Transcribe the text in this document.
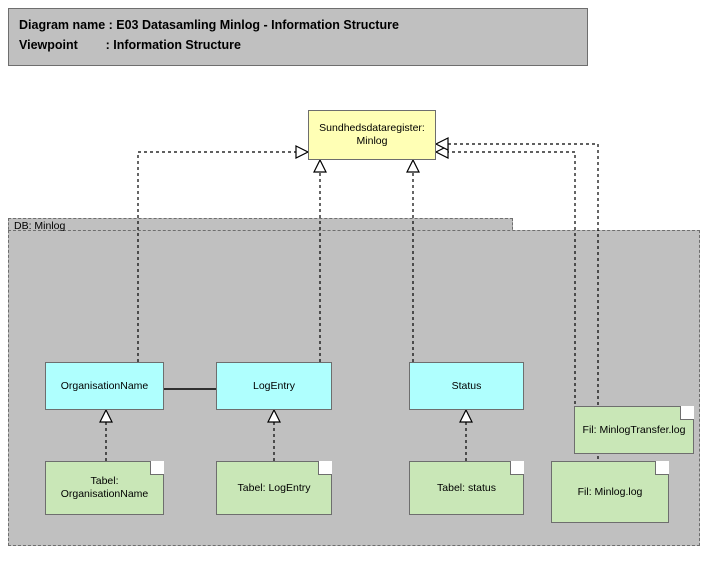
Diagram name : E03 Datasamling Minlog - Information Structure
Viewpoint        : Information Structure
DB: Minlog
Sundhedsdataregister: Minlog
OrganisationName	LogEntry	Status
Tabel: OrganisationName
Tabel: LogEntry	Tabel: status
Fil: MinlogTransfer.log
Fil: Minlog.log
